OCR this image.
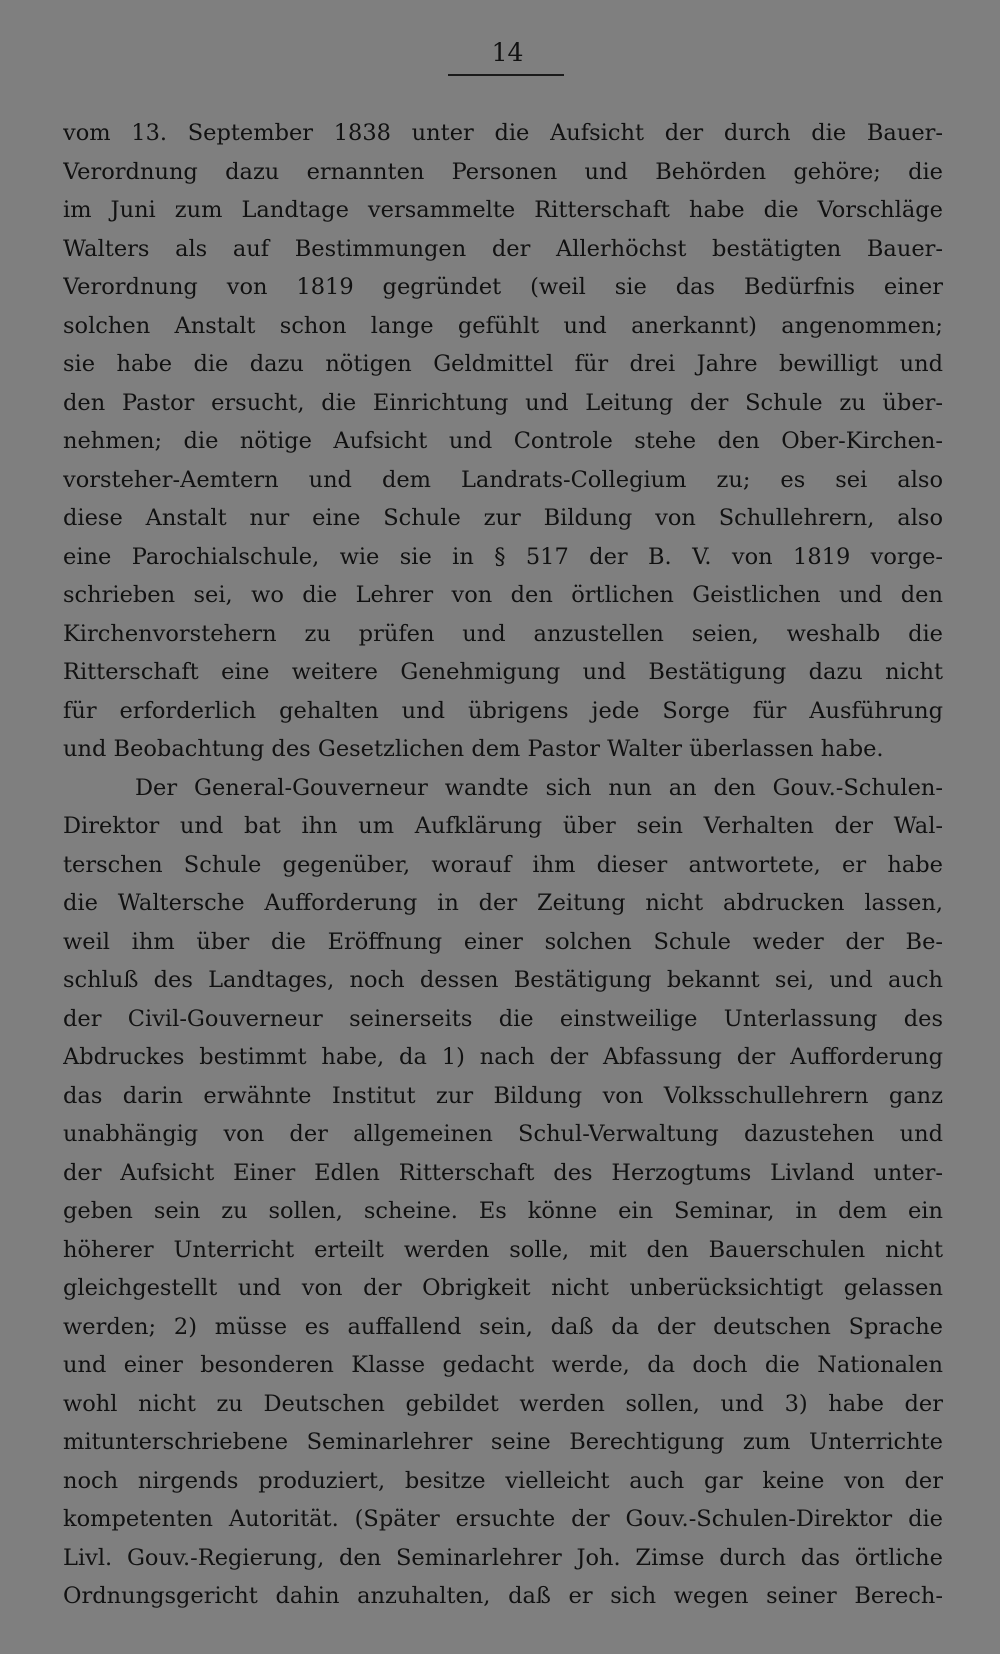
14
vom 13. September 1838 unter die Aufsicht der durch die Bauer-
Verordnung dazu ernannten Personen und Behörden gehöre; die
im Juni zum Landtage versammelte Ritterschaft habe die Vorschläge
Walters als auf Bestimmungen der Allerhöchst bestätigten Bauer-
Verordnung von 1819 gegründet (weil sie das Bedürfnis einer
solchen Anstalt schon lange gefühlt und anerkannt) angenommen;
sie habe die dazu nötigen Geldmittel für drei Jahre bewilligt und
den Pastor ersucht, die Einrichtung und Leitung der Schule zu über-
nehmen; die nötige Aufsicht und Controle stehe den Ober-Kirchen-
vorsteher-Aemtern und dem Landrats-Collegium zu; es sei also
diese Anstalt nur eine Schule zur Bildung von Schullehrern, also
eine Parochialschule, wie sie in § 517 der B. V. von 1819 vorge-
schrieben sei, wo die Lehrer von den örtlichen Geistlichen und den
Kirchenvorstehern zu prüfen und anzustellen seien, weshalb die
Ritterschaft eine weitere Genehmigung und Bestätigung dazu nicht
für erforderlich gehalten und übrigens jede Sorge für Ausführung
und Beobachtung des Gesetzlichen dem Pastor Walter überlassen habe.
Der General-Gouverneur wandte sich nun an den Gouv.-Schulen-
Direktor und bat ihn um Aufklärung über sein Verhalten der Wal-
terschen Schule gegenüber, worauf ihm dieser antwortete, er habe
die Waltersche Aufforderung in der Zeitung nicht abdrucken lassen,
weil ihm über die Eröffnung einer solchen Schule weder der Be-
schluß des Landtages, noch dessen Bestätigung bekannt sei, und auch
der Civil-Gouverneur seinerseits die einstweilige Unterlassung des
Abdruckes bestimmt habe, da 1) nach der Abfassung der Aufforderung
das darin erwähnte Institut zur Bildung von Volksschullehrern ganz
unabhängig von der allgemeinen Schul-Verwaltung dazustehen und
der Aufsicht Einer Edlen Ritterschaft des Herzogtums Livland unter-
geben sein zu sollen, scheine. Es könne ein Seminar, in dem ein
höherer Unterricht erteilt werden solle, mit den Bauerschulen nicht
gleichgestellt und von der Obrigkeit nicht unberücksichtigt gelassen
werden; 2) müsse es auffallend sein, daß da der deutschen Sprache
und einer besonderen Klasse gedacht werde, da doch die Nationalen
wohl nicht zu Deutschen gebildet werden sollen, und 3) habe der
mitunterschriebene Seminarlehrer seine Berechtigung zum Unterrichte
noch nirgends produziert, besitze vielleicht auch gar keine von der
kompetenten Autorität. (Später ersuchte der Gouv.-Schulen-Direktor die
Livl. Gouv.-Regierung, den Seminarlehrer Joh. Zimse durch das örtliche
Ordnungsgericht dahin anzuhalten, daß er sich wegen seiner Berech-
